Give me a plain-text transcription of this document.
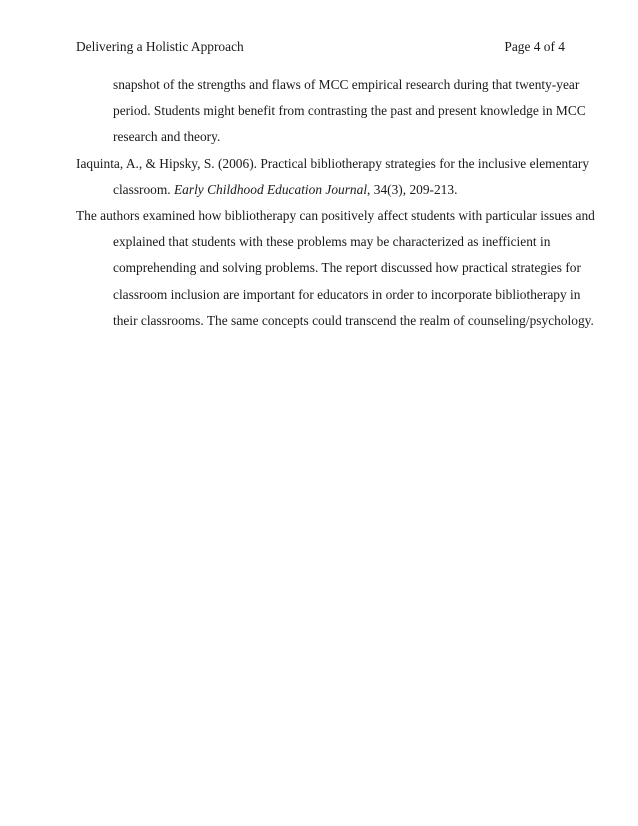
Delivering a Holistic Approach	Page 4 of 4
snapshot of the strengths and flaws of MCC empirical research during that twenty-year
period. Students might benefit from contrasting the past and present knowledge in MCC
research and theory.
Iaquinta, A., & Hipsky, S. (2006). Practical bibliotherapy strategies for the inclusive elementary
classroom. Early Childhood Education Journal, 34(3), 209-213.
The authors examined how bibliotherapy can positively affect students with particular issues and
explained that students with these problems may be characterized as inefficient in
comprehending and solving problems. The report discussed how practical strategies for
classroom inclusion are important for educators in order to incorporate bibliotherapy in
their classrooms. The same concepts could transcend the realm of counseling/psychology.
